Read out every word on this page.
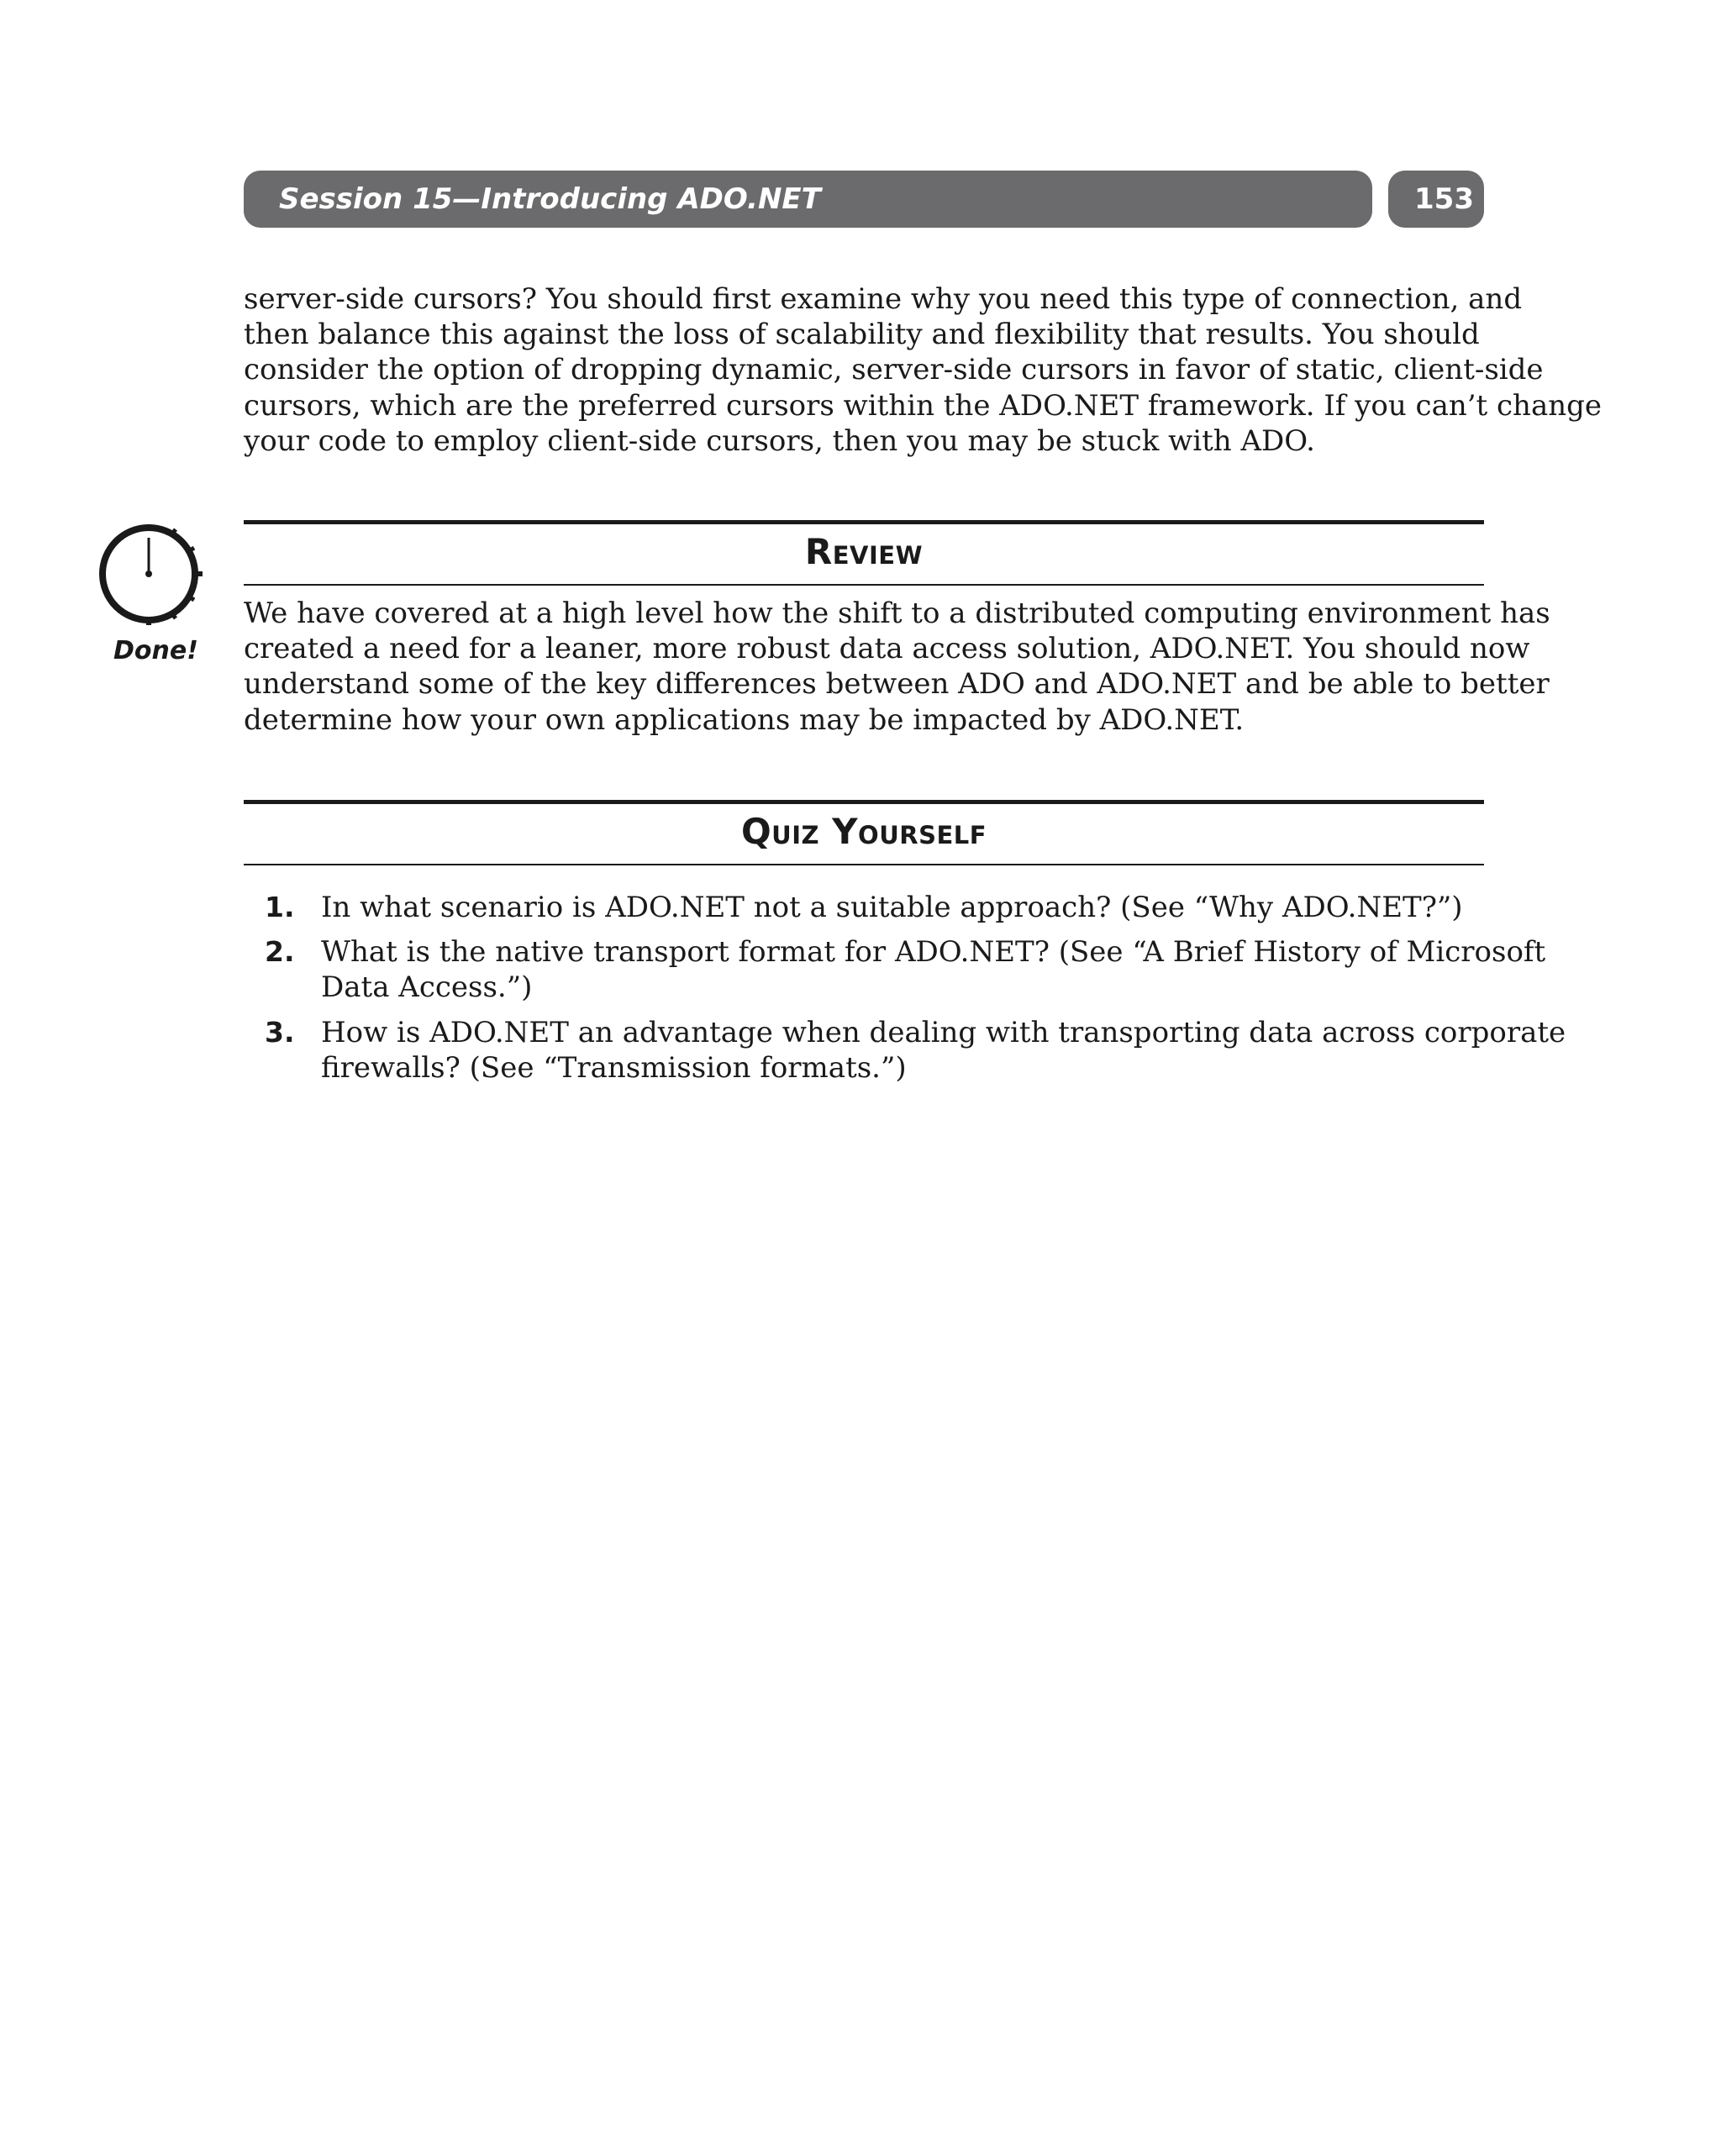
Session 15—Introducing ADO.NET	153

server-side cursors? You should first examine why you need this type of connection, and
then balance this against the loss of scalability and flexibility that results. You should
consider the option of dropping dynamic, server-side cursors in favor of static, client-side
cursors, which are the preferred cursors within the ADO.NET framework. If you can’t change
your code to employ client-side cursors, then you may be stuck with ADO.

Review
Done!

We have covered at a high level how the shift to a distributed computing environment has
created a need for a leaner, more robust data access solution, ADO.NET. You should now
understand some of the key differences between ADO and ADO.NET and be able to better
determine how your own applications may be impacted by ADO.NET.

Quiz Yourself
1. In what scenario is ADO.NET not a suitable approach? (See “Why ADO.NET?”)
2. What is the native transport format for ADO.NET? (See “A Brief History of Microsoft
Data Access.”)
3. How is ADO.NET an advantage when dealing with transporting data across corporate
firewalls? (See “Transmission formats.”)
